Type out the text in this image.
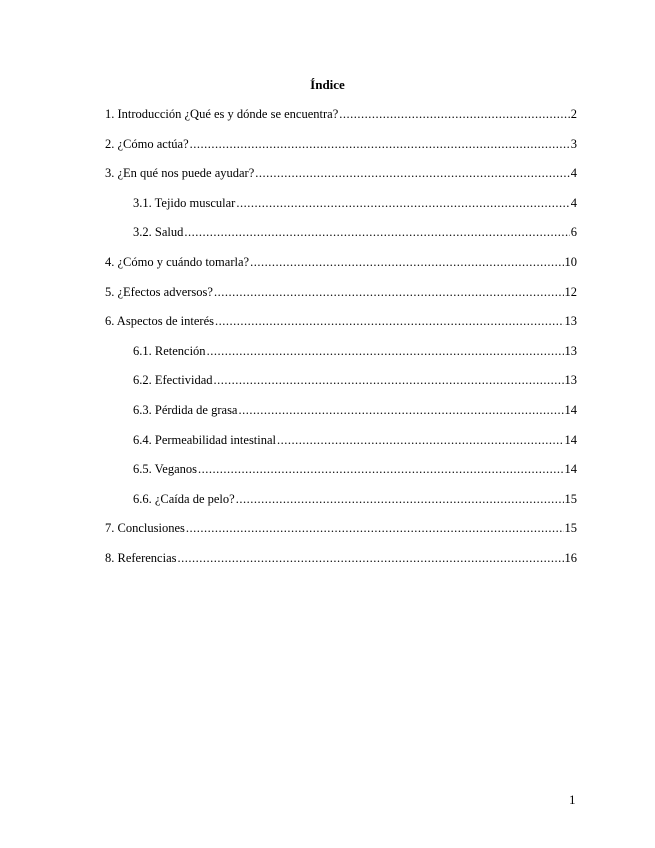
Índice
1. Introducción ¿Qué es y dónde se encuentra? .....	2
2. ¿Cómo actúa? .....	3
3. ¿En qué nos puede ayudar? .....	4
3.1. Tejido muscular .....	4
3.2. Salud .....	6
4. ¿Cómo y cuándo tomarla? .....	10
5. ¿Efectos adversos? .....	12
6. Aspectos de interés .....	13
6.1. Retención .....	13
6.2. Efectividad .....	13
6.3. Pérdida de grasa .....	14
6.4. Permeabilidad intestinal .....	14
6.5. Veganos .....	14
6.6. ¿Caída de pelo? .....	15
7. Conclusiones .....	15
8. Referencias .....	16
1
